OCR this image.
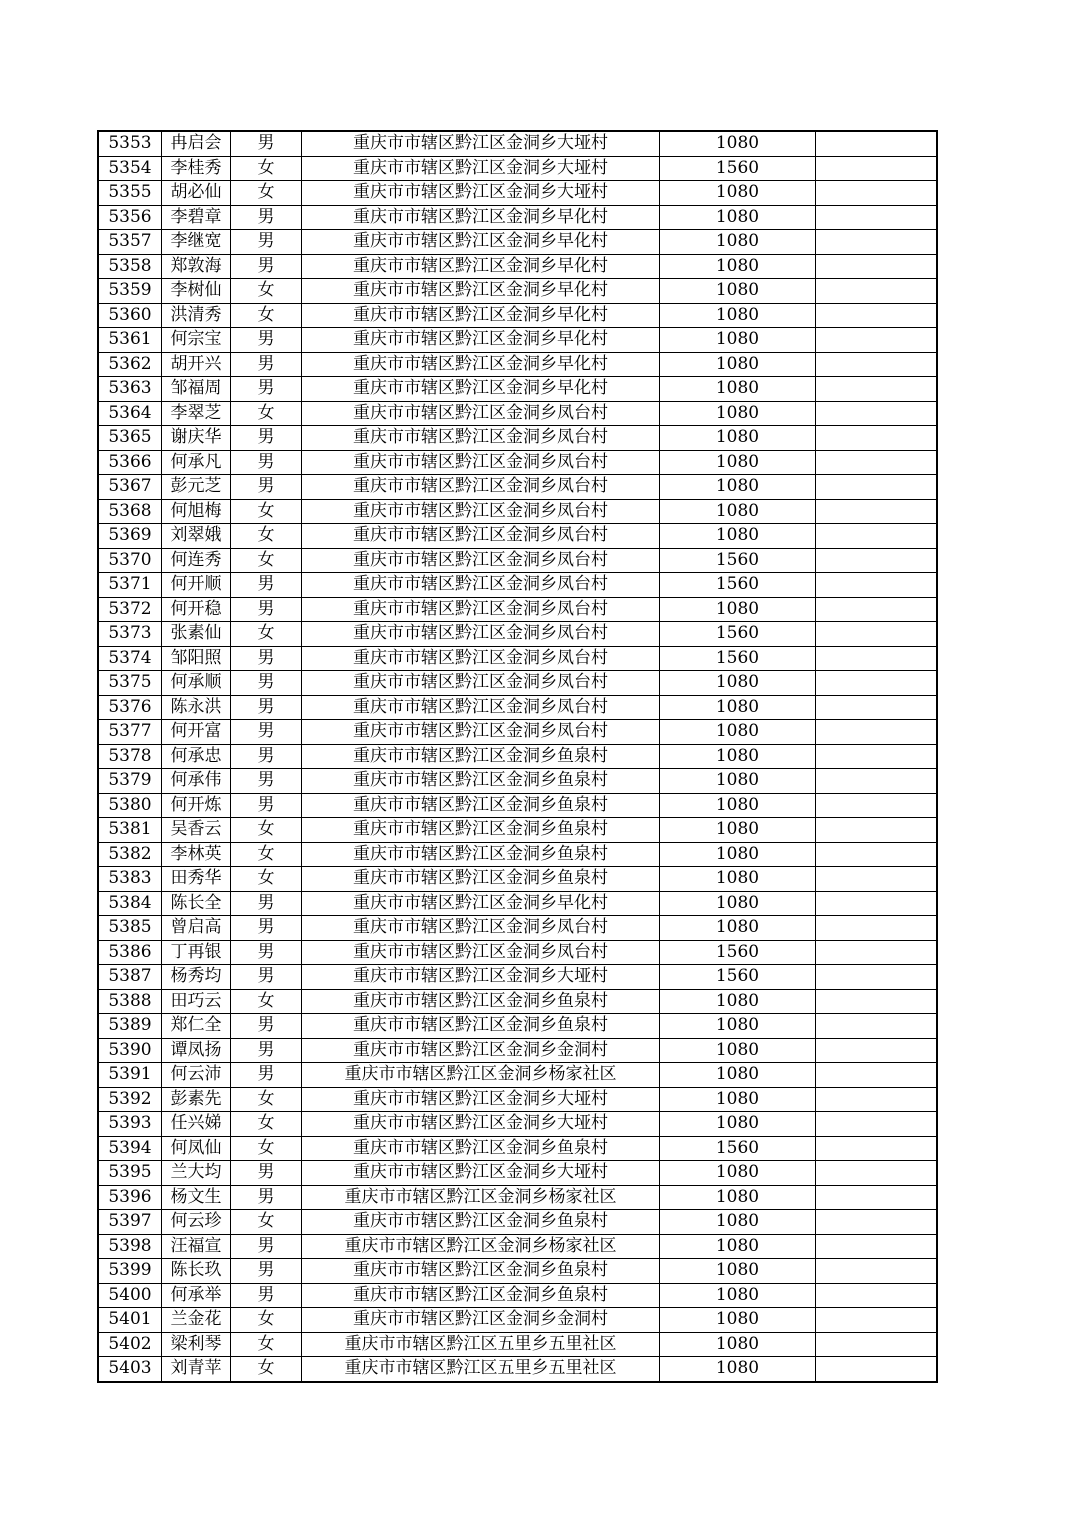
5353	冉启会	男	重庆市市辖区黔江区金洞乡大垭村	1080	
5354	李桂秀	女	重庆市市辖区黔江区金洞乡大垭村	1560	
5355	胡必仙	女	重庆市市辖区黔江区金洞乡大垭村	1080	
5356	李碧章	男	重庆市市辖区黔江区金洞乡早化村	1080	
5357	李继宽	男	重庆市市辖区黔江区金洞乡早化村	1080	
5358	郑敦海	男	重庆市市辖区黔江区金洞乡早化村	1080	
5359	李树仙	女	重庆市市辖区黔江区金洞乡早化村	1080	
5360	洪清秀	女	重庆市市辖区黔江区金洞乡早化村	1080	
5361	何宗宝	男	重庆市市辖区黔江区金洞乡早化村	1080	
5362	胡开兴	男	重庆市市辖区黔江区金洞乡早化村	1080	
5363	邹福周	男	重庆市市辖区黔江区金洞乡早化村	1080	
5364	李翠芝	女	重庆市市辖区黔江区金洞乡凤台村	1080	
5365	谢庆华	男	重庆市市辖区黔江区金洞乡凤台村	1080	
5366	何承凡	男	重庆市市辖区黔江区金洞乡凤台村	1080	
5367	彭元芝	男	重庆市市辖区黔江区金洞乡凤台村	1080	
5368	何旭梅	女	重庆市市辖区黔江区金洞乡凤台村	1080	
5369	刘翠娥	女	重庆市市辖区黔江区金洞乡凤台村	1080	
5370	何连秀	女	重庆市市辖区黔江区金洞乡凤台村	1560	
5371	何开顺	男	重庆市市辖区黔江区金洞乡凤台村	1560	
5372	何开稳	男	重庆市市辖区黔江区金洞乡凤台村	1080	
5373	张素仙	女	重庆市市辖区黔江区金洞乡凤台村	1560	
5374	邹阳照	男	重庆市市辖区黔江区金洞乡凤台村	1560	
5375	何承顺	男	重庆市市辖区黔江区金洞乡凤台村	1080	
5376	陈永洪	男	重庆市市辖区黔江区金洞乡凤台村	1080	
5377	何开富	男	重庆市市辖区黔江区金洞乡凤台村	1080	
5378	何承忠	男	重庆市市辖区黔江区金洞乡鱼泉村	1080	
5379	何承伟	男	重庆市市辖区黔江区金洞乡鱼泉村	1080	
5380	何开炼	男	重庆市市辖区黔江区金洞乡鱼泉村	1080	
5381	吴香云	女	重庆市市辖区黔江区金洞乡鱼泉村	1080	
5382	李林英	女	重庆市市辖区黔江区金洞乡鱼泉村	1080	
5383	田秀华	女	重庆市市辖区黔江区金洞乡鱼泉村	1080	
5384	陈长全	男	重庆市市辖区黔江区金洞乡早化村	1080	
5385	曾启高	男	重庆市市辖区黔江区金洞乡凤台村	1080	
5386	丁再银	男	重庆市市辖区黔江区金洞乡凤台村	1560	
5387	杨秀均	男	重庆市市辖区黔江区金洞乡大垭村	1560	
5388	田巧云	女	重庆市市辖区黔江区金洞乡鱼泉村	1080	
5389	郑仁全	男	重庆市市辖区黔江区金洞乡鱼泉村	1080	
5390	谭凤扬	男	重庆市市辖区黔江区金洞乡金洞村	1080	
5391	何云沛	男	重庆市市辖区黔江区金洞乡杨家社区	1080	
5392	彭素先	女	重庆市市辖区黔江区金洞乡大垭村	1080	
5393	任兴娣	女	重庆市市辖区黔江区金洞乡大垭村	1080	
5394	何凤仙	女	重庆市市辖区黔江区金洞乡鱼泉村	1560	
5395	兰大均	男	重庆市市辖区黔江区金洞乡大垭村	1080	
5396	杨文生	男	重庆市市辖区黔江区金洞乡杨家社区	1080	
5397	何云珍	女	重庆市市辖区黔江区金洞乡鱼泉村	1080	
5398	汪福宣	男	重庆市市辖区黔江区金洞乡杨家社区	1080	
5399	陈长玖	男	重庆市市辖区黔江区金洞乡鱼泉村	1080	
5400	何承举	男	重庆市市辖区黔江区金洞乡鱼泉村	1080	
5401	兰金花	女	重庆市市辖区黔江区金洞乡金洞村	1080	
5402	梁利琴	女	重庆市市辖区黔江区五里乡五里社区	1080	
5403	刘青苹	女	重庆市市辖区黔江区五里乡五里社区	1080	
